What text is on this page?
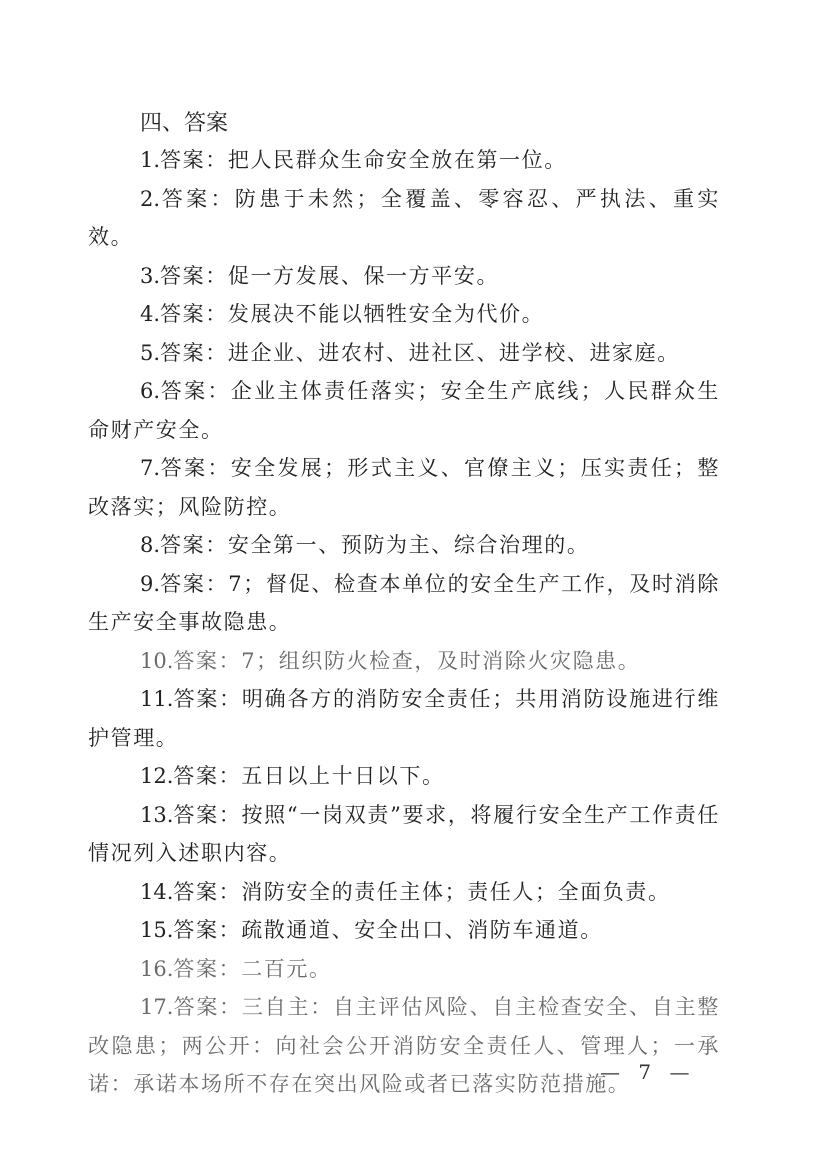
四、答案

1.答案：把人民群众生命安全放在第一位。

2.答案：防患于未然；全覆盖、零容忍、严执法、重实效。

3.答案：促一方发展、保一方平安。

4.答案：发展决不能以牺牲安全为代价。

5.答案：进企业、进农村、进社区、进学校、进家庭。

6.答案：企业主体责任落实；安全生产底线；人民群众生命财产安全。

7.答案：安全发展；形式主义、官僚主义；压实责任；整改落实；风险防控。

8.答案：安全第一、预防为主、综合治理的。

9.答案：7；督促、检查本单位的安全生产工作，及时消除生产安全事故隐患。

10.答案：7；组织防火检查，及时消除火灾隐患。

11.答案：明确各方的消防安全责任；共用消防设施进行维护管理。

12.答案：五日以上十日以下。

13.答案：按照“一岗双责”要求，将履行安全生产工作责任情况列入述职内容。

14.答案：消防安全的责任主体；责任人；全面负责。

15.答案：疏散通道、安全出口、消防车通道。

16.答案：二百元。

17.答案：三自主：自主评估风险、自主检查安全、自主整改隐患；两公开：向社会公开消防安全责任人、管理人；一承诺：承诺本场所不存在突出风险或者已落实防范措施。

— 7 —
